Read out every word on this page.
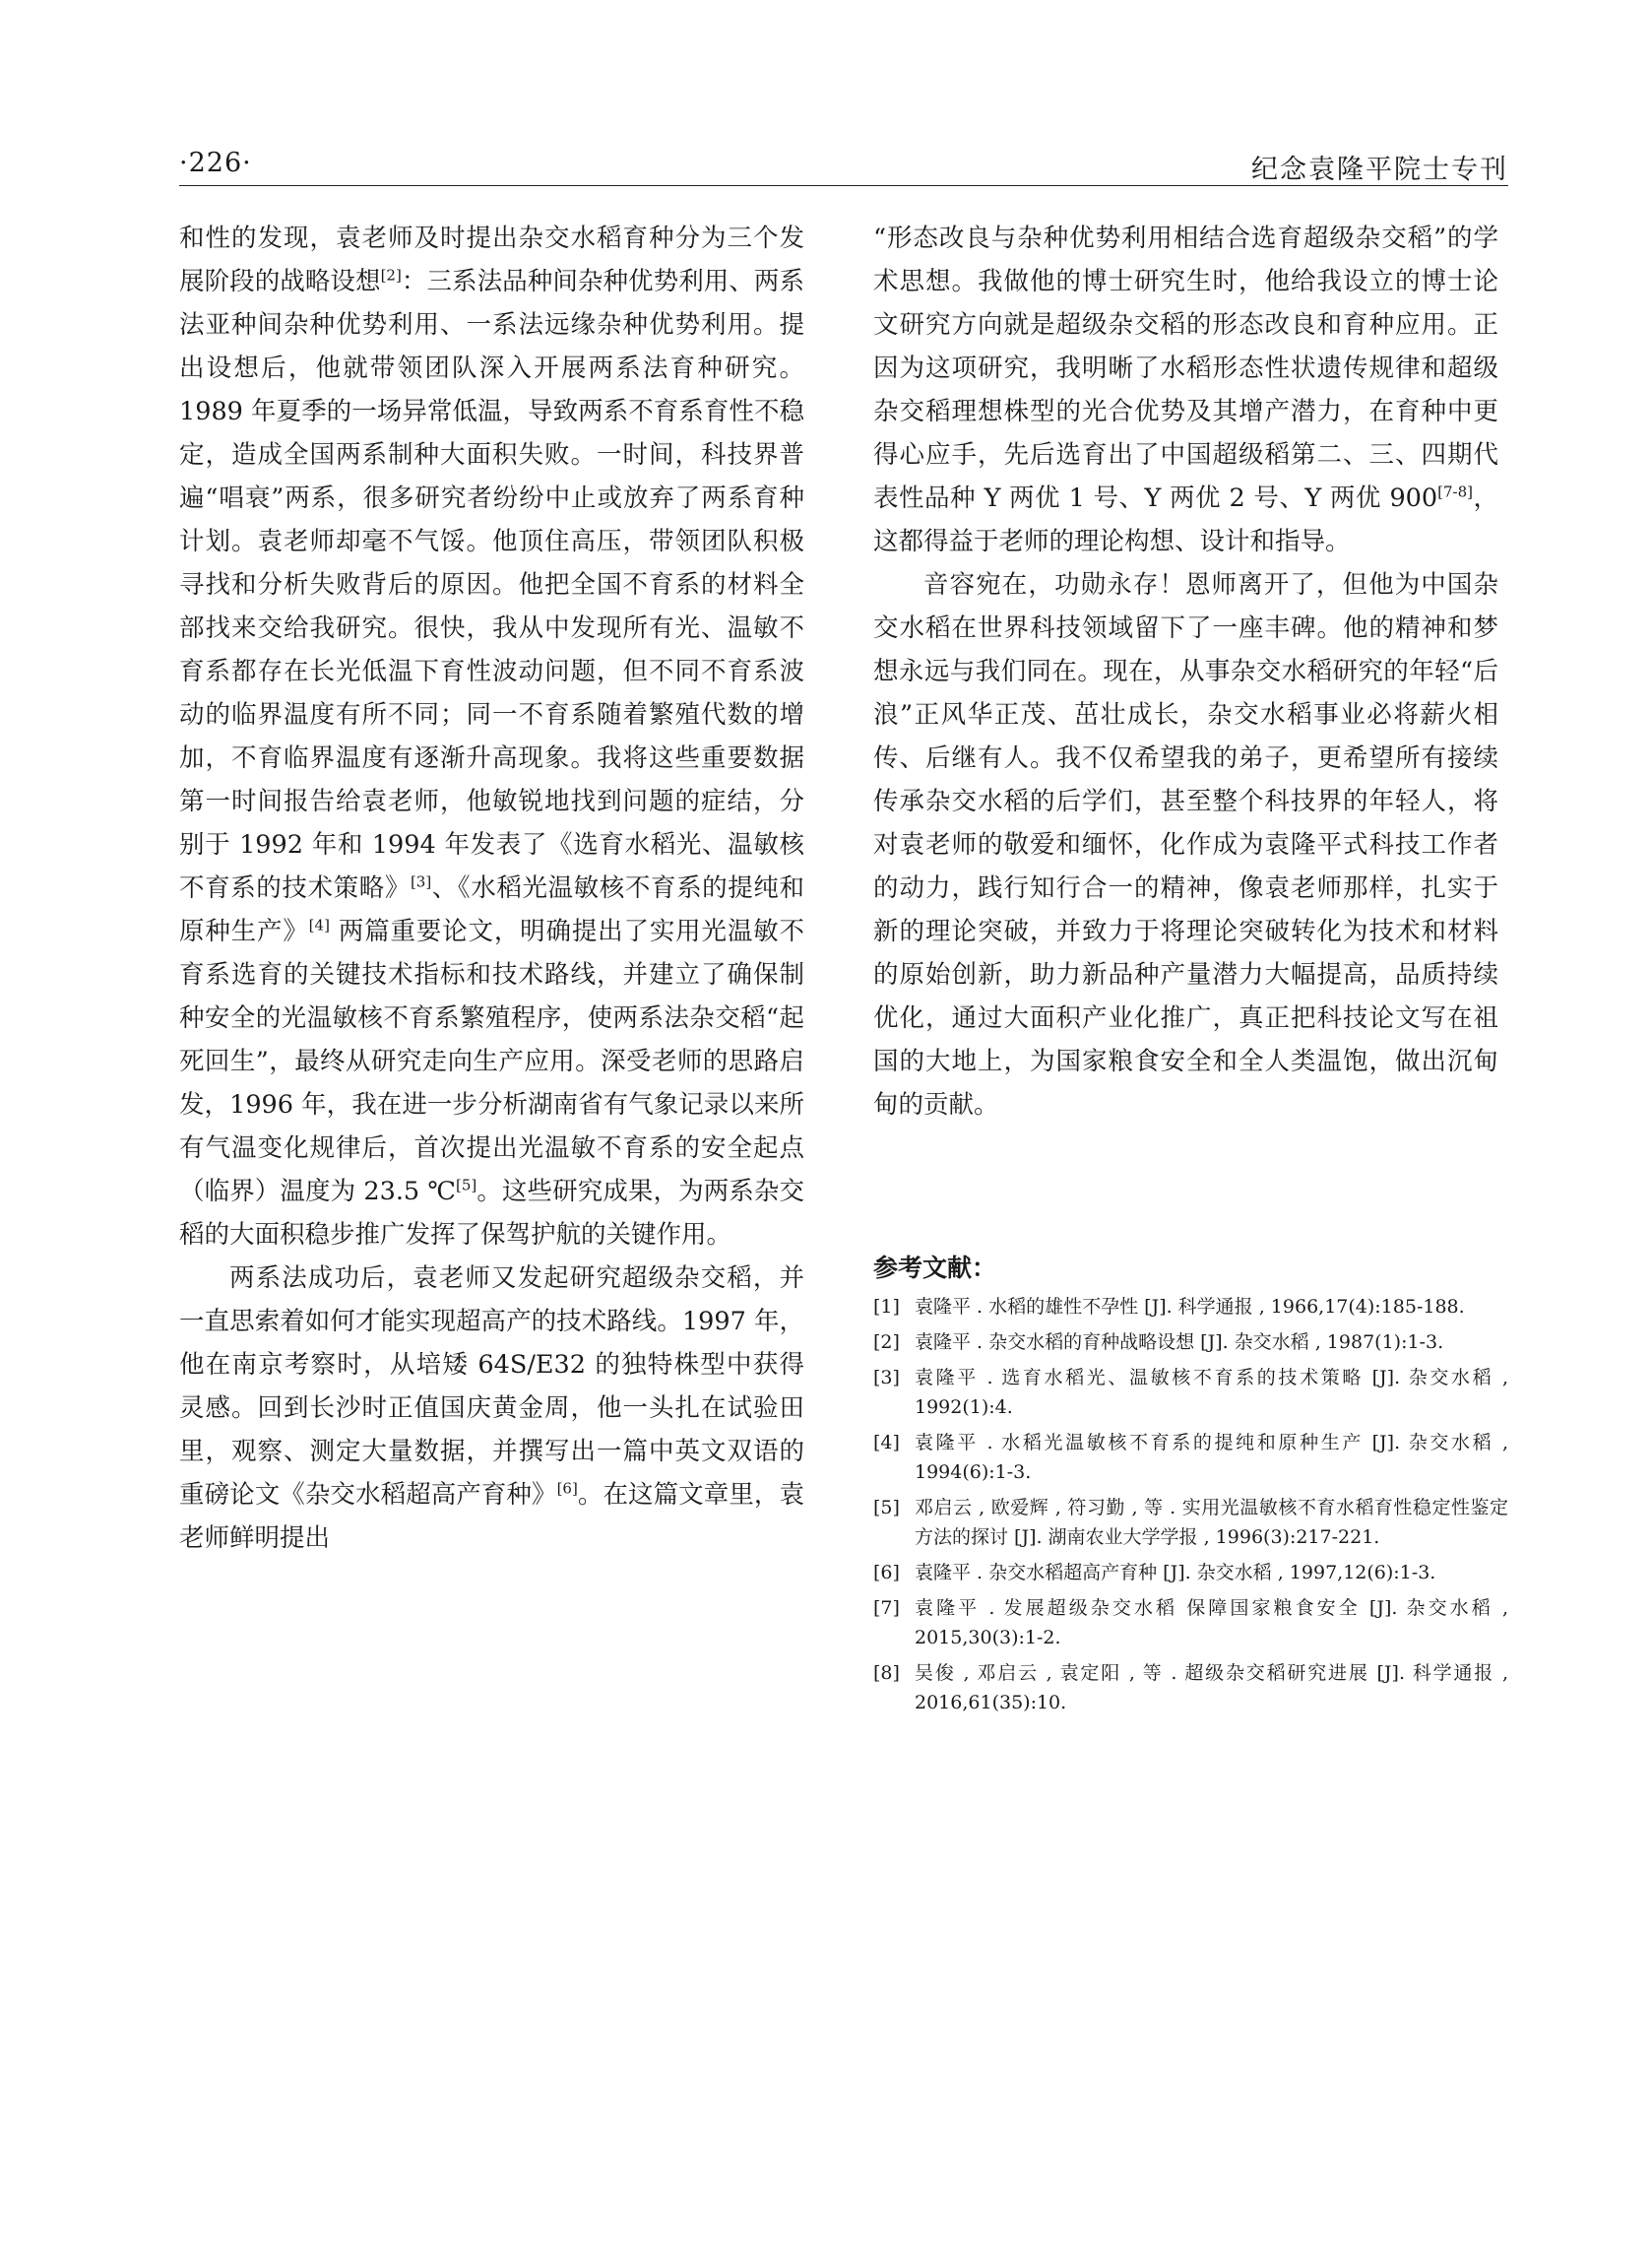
·226·	纪念袁隆平院士专刊

和性的发现，袁老师及时提出杂交水稻育种分为三个发展阶段的战略设想[2]：三系法品种间杂种优势利用、两系法亚种间杂种优势利用、一系法远缘杂种优势利用。提出设想后，他就带领团队深入开展两系法育种研究。1989 年夏季的一场异常低温，导致两系不育系育性不稳定，造成全国两系制种大面积失败。一时间，科技界普遍“唱衰”两系，很多研究者纷纷中止或放弃了两系育种计划。袁老师却毫不气馁。他顶住高压，带领团队积极寻找和分析失败背后的原因。他把全国不育系的材料全部找来交给我研究。很快，我从中发现所有光、温敏不育系都存在长光低温下育性波动问题，但不同不育系波动的临界温度有所不同；同一不育系随着繁殖代数的增加，不育临界温度有逐渐升高现象。我将这些重要数据第一时间报告给袁老师，他敏锐地找到问题的症结，分别于 1992 年和 1994 年发表了《选育水稻光、温敏核不育系的技术策略》[3]、《水稻光温敏核不育系的提纯和原种生产》[4] 两篇重要论文，明确提出了实用光温敏不育系选育的关键技术指标和技术路线，并建立了确保制种安全的光温敏核不育系繁殖程序，使两系法杂交稻“起死回生”，最终从研究走向生产应用。深受老师的思路启发，1996 年，我在进一步分析湖南省有气象记录以来所有气温变化规律后，首次提出光温敏不育系的安全起点（临界）温度为 23.5 ℃[5]。这些研究成果，为两系杂交稻的大面积稳步推广发挥了保驾护航的关键作用。

两系法成功后，袁老师又发起研究超级杂交稻，并一直思索着如何才能实现超高产的技术路线。1997 年，他在南京考察时，从培矮 64S/E32 的独特株型中获得灵感。回到长沙时正值国庆黄金周，他一头扎在试验田里，观察、测定大量数据，并撰写出一篇中英文双语的重磅论文《杂交水稻超高产育种》[6]。在这篇文章里，袁老师鲜明提出

“形态改良与杂种优势利用相结合选育超级杂交稻”的学术思想。我做他的博士研究生时，他给我设立的博士论文研究方向就是超级杂交稻的形态改良和育种应用。正因为这项研究，我明晰了水稻形态性状遗传规律和超级杂交稻理想株型的光合优势及其增产潜力，在育种中更得心应手，先后选育出了中国超级稻第二、三、四期代表性品种 Y 两优 1 号、Y 两优 2 号、Y 两优 900[7-8]，这都得益于老师的理论构想、设计和指导。

音容宛在，功勋永存！恩师离开了，但他为中国杂交水稻在世界科技领域留下了一座丰碑。他的精神和梦想永远与我们同在。现在，从事杂交水稻研究的年轻“后浪”正风华正茂、茁壮成长，杂交水稻事业必将薪火相传、后继有人。我不仅希望我的弟子，更希望所有接续传承杂交水稻的后学们，甚至整个科技界的年轻人，将对袁老师的敬爱和缅怀，化作成为袁隆平式科技工作者的动力，践行知行合一的精神，像袁老师那样，扎实于新的理论突破，并致力于将理论突破转化为技术和材料的原始创新，助力新品种产量潜力大幅提高，品质持续优化，通过大面积产业化推广，真正把科技论文写在祖国的大地上，为国家粮食安全和全人类温饱，做出沉甸甸的贡献。

参考文献：

[1] 袁隆平 . 水稻的雄性不孕性 [J]. 科学通报 , 1966,17(4):185-188.

[2] 袁隆平 . 杂交水稻的育种战略设想 [J]. 杂交水稻 , 1987(1):1-3.

[3] 袁隆平 . 选育水稻光、温敏核不育系的技术策略 [J]. 杂交水稻 , 1992(1):4.

[4] 袁隆平 . 水稻光温敏核不育系的提纯和原种生产 [J]. 杂交水稻 , 1994(6):1-3.

[5] 邓启云 , 欧爱辉 , 符习勤 , 等 . 实用光温敏核不育水稻育性稳定性鉴定方法的探讨 [J]. 湖南农业大学学报 , 1996(3):217-221.

[6] 袁隆平 . 杂交水稻超高产育种 [J]. 杂交水稻 , 1997,12(6):1-3.

[7] 袁隆平 . 发展超级杂交水稻 保障国家粮食安全 [J]. 杂交水稻 , 2015,30(3):1-2.

[8] 吴俊 , 邓启云 , 袁定阳 , 等 . 超级杂交稻研究进展 [J]. 科学通报 , 2016,61(35):10.
